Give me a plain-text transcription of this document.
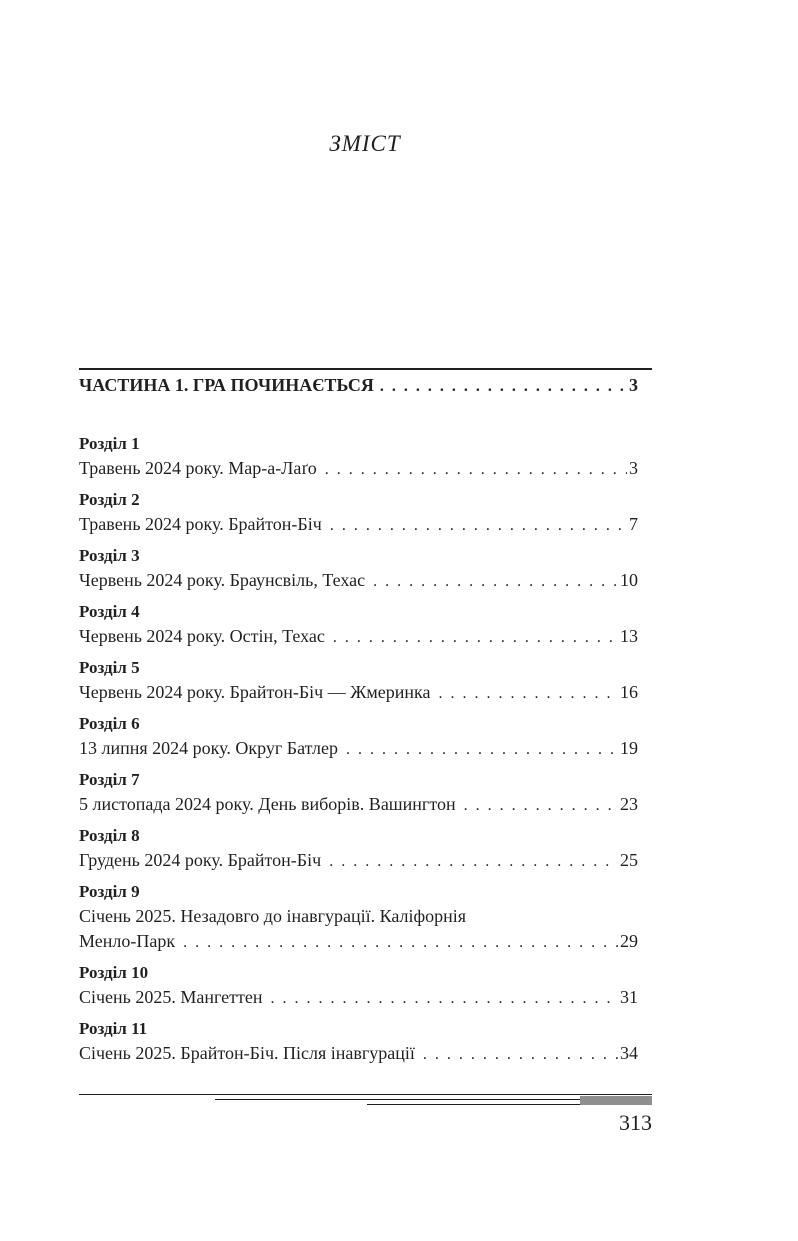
ЗМІСТ
ЧАСТИНА 1. ГРА ПОЧИНАЄТЬСЯ . . .	3
Розділ 1
Травень 2024 року. Мар-а-Лаґо . . .	3
Розділ 2
Травень 2024 року. Брайтон-Біч . . .	7
Розділ 3
Червень 2024 року. Браунсвіль, Техас . . .	10
Розділ 4
Червень 2024 року. Остін, Техас . . .	13
Розділ 5
Червень 2024 року. Брайтон-Біч — Жмеринка . . .	16
Розділ 6
13 липня 2024 року. Округ Батлер . . .	19
Розділ 7
5 листопада 2024 року. День виборів. Вашингтон . . .	23
Розділ 8
Грудень 2024 року. Брайтон-Біч . . .	25
Розділ 9
Січень 2025. Незадовго до інавгурації. Каліфорнія
Менло-Парк . . .	29
Розділ 10
Січень 2025. Мангеттен . . .	31
Розділ 11
Січень 2025. Брайтон-Біч. Після інавгурації . . .	34
313
